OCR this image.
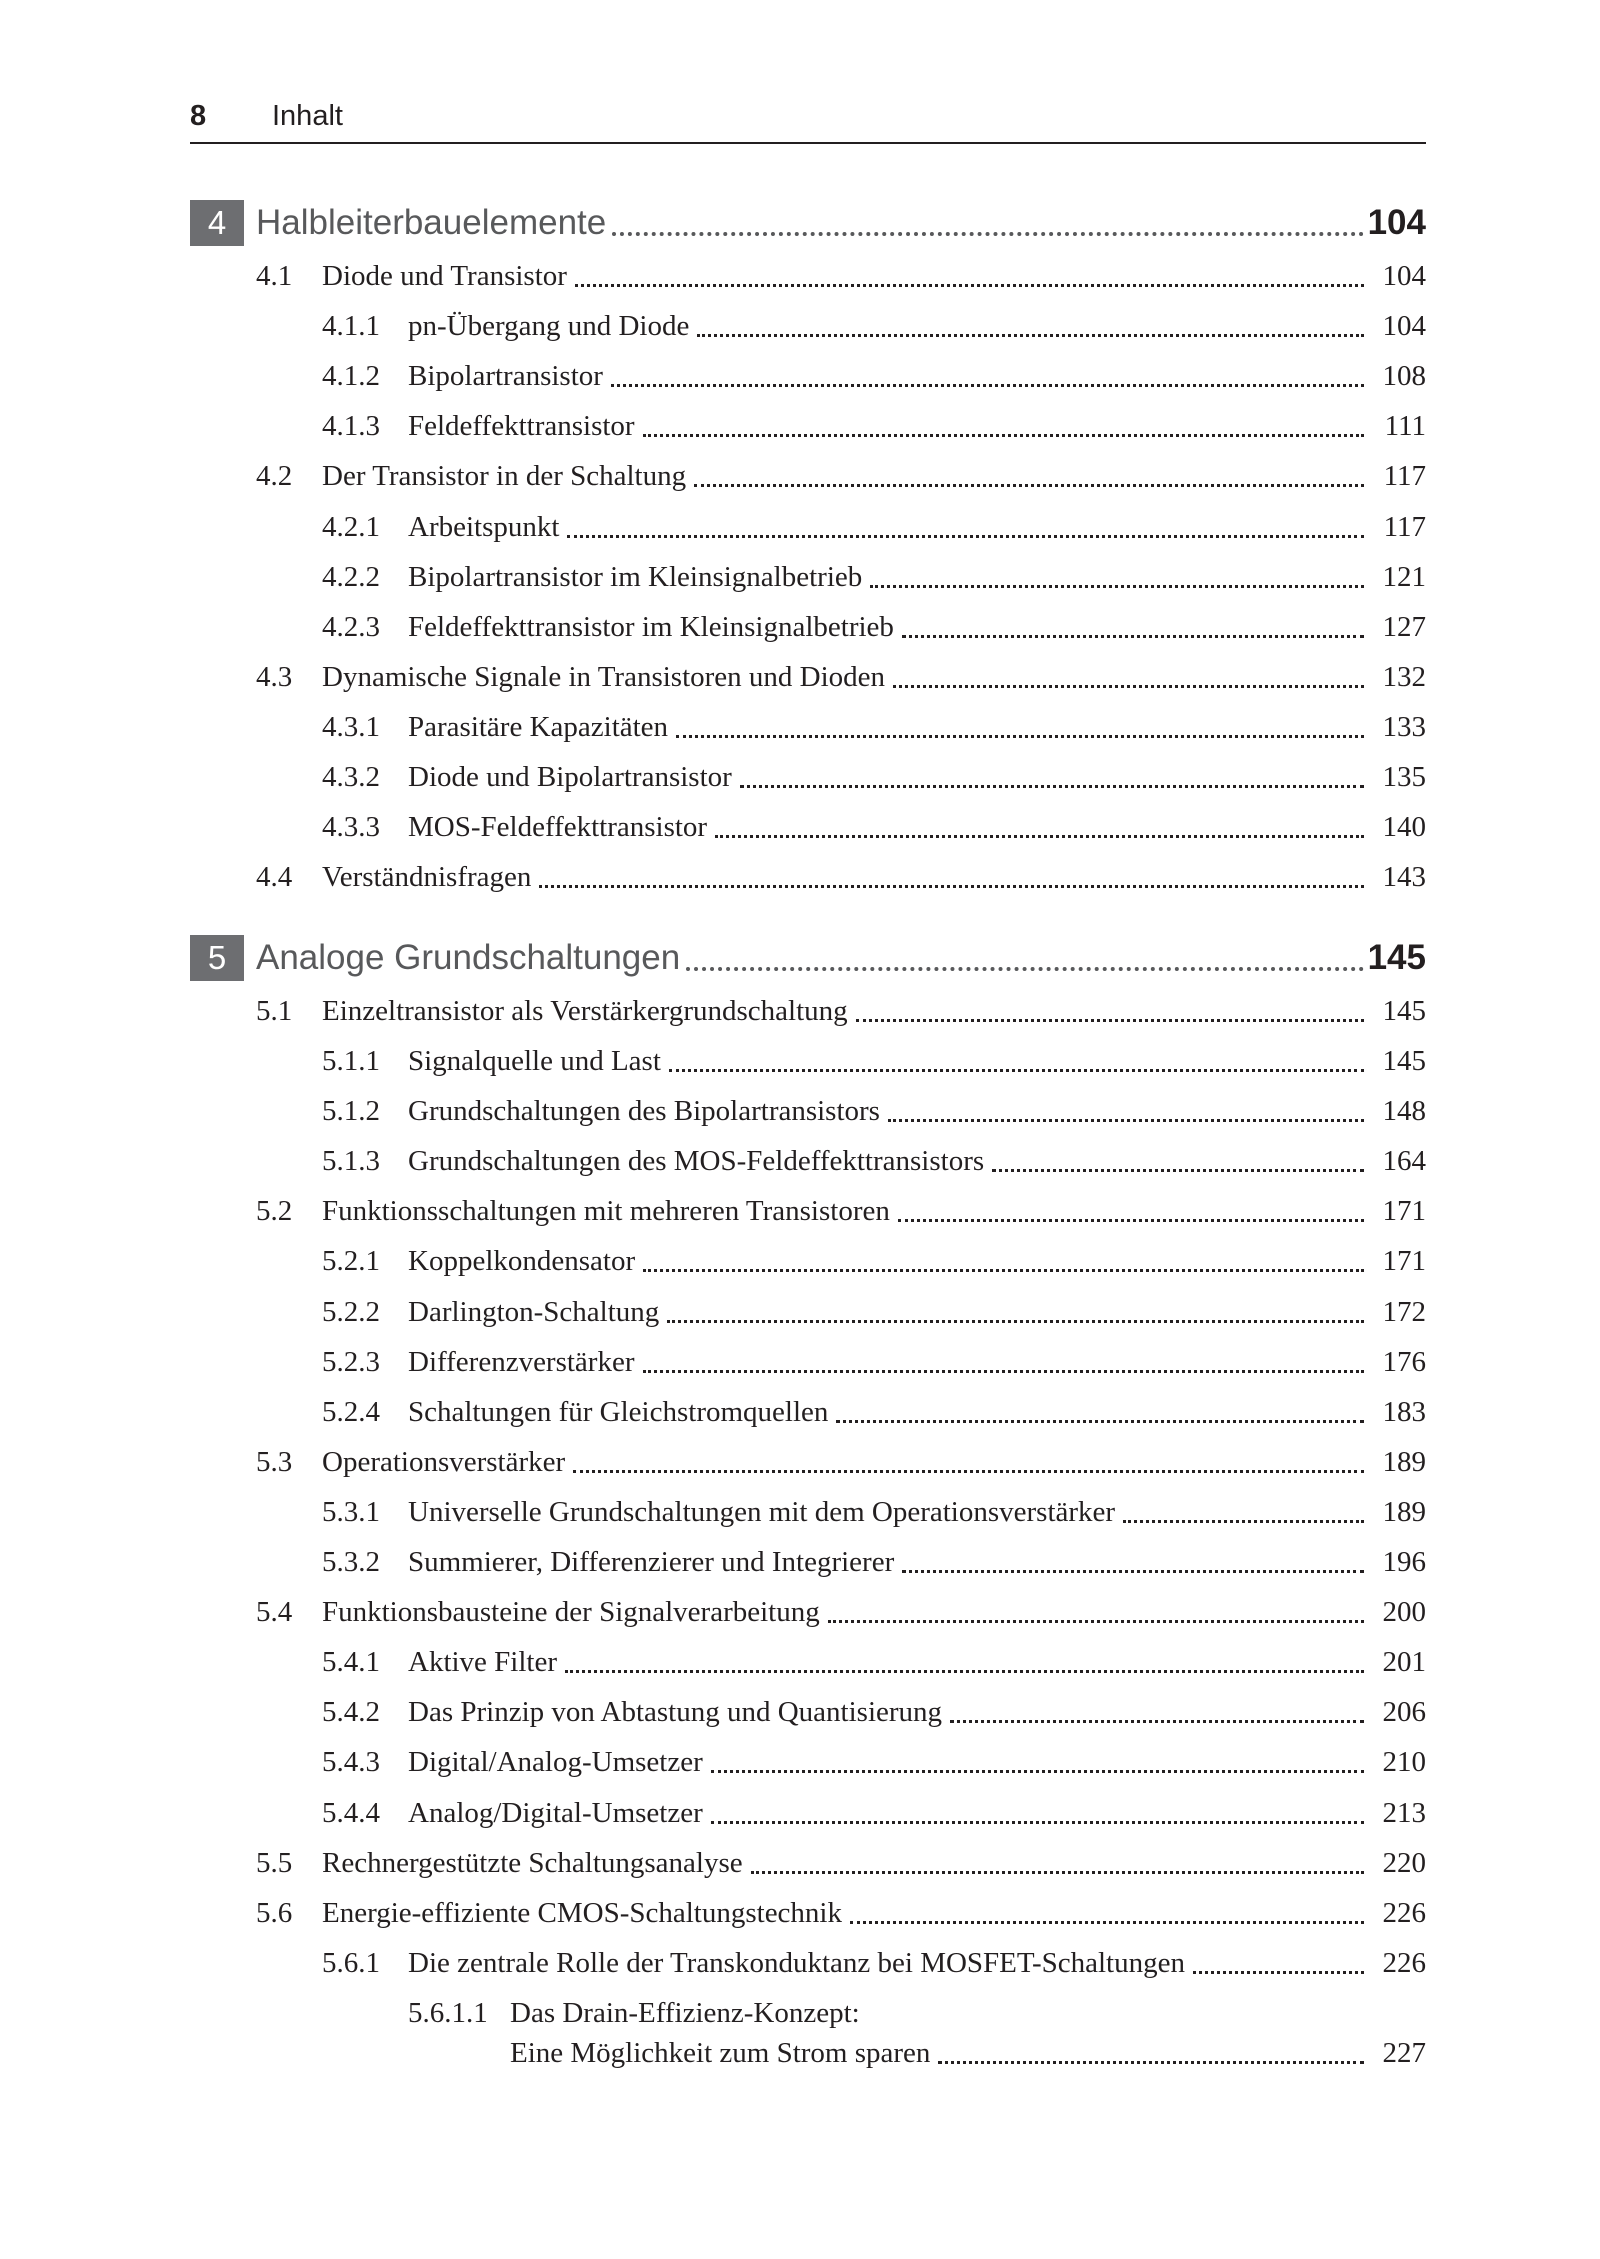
8 Inhalt
4 Halbleiterbauelemente	104
4.1 Diode und Transistor	104
4.1.1 pn-Übergang und Diode	104
4.1.2 Bipolartransistor	108
4.1.3 Feldeffekttransistor	111
4.2 Der Transistor in der Schaltung	117
4.2.1 Arbeitspunkt	117
4.2.2 Bipolartransistor im Kleinsignalbetrieb	121
4.2.3 Feldeffekttransistor im Kleinsignalbetrieb	127
4.3 Dynamische Signale in Transistoren und Dioden	132
4.3.1 Parasitäre Kapazitäten	133
4.3.2 Diode und Bipolartransistor	135
4.3.3 MOS-Feldeffekttransistor	140
4.4 Verständnisfragen	143
5 Analoge Grundschaltungen	145
5.1 Einzeltransistor als Verstärkergrundschaltung	145
5.1.1 Signalquelle und Last	145
5.1.2 Grundschaltungen des Bipolartransistors	148
5.1.3 Grundschaltungen des MOS-Feldeffekttransistors	164
5.2 Funktionsschaltungen mit mehreren Transistoren	171
5.2.1 Koppelkondensator	171
5.2.2 Darlington-Schaltung	172
5.2.3 Differenzverstärker	176
5.2.4 Schaltungen für Gleichstromquellen	183
5.3 Operationsverstärker	189
5.3.1 Universelle Grundschaltungen mit dem Operationsverstärker	189
5.3.2 Summierer, Differenzierer und Integrierer	196
5.4 Funktionsbausteine der Signalverarbeitung	200
5.4.1 Aktive Filter	201
5.4.2 Das Prinzip von Abtastung und Quantisierung	206
5.4.3 Digital/Analog-Umsetzer	210
5.4.4 Analog/Digital-Umsetzer	213
5.5 Rechnergestützte Schaltungsanalyse	220
5.6 Energie-effiziente CMOS-Schaltungstechnik	226
5.6.1 Die zentrale Rolle der Transkonduktanz bei MOSFET-Schaltungen	226
5.6.1.1 Das Drain-Effizienz-Konzept:
Eine Möglichkeit zum Strom sparen	227
